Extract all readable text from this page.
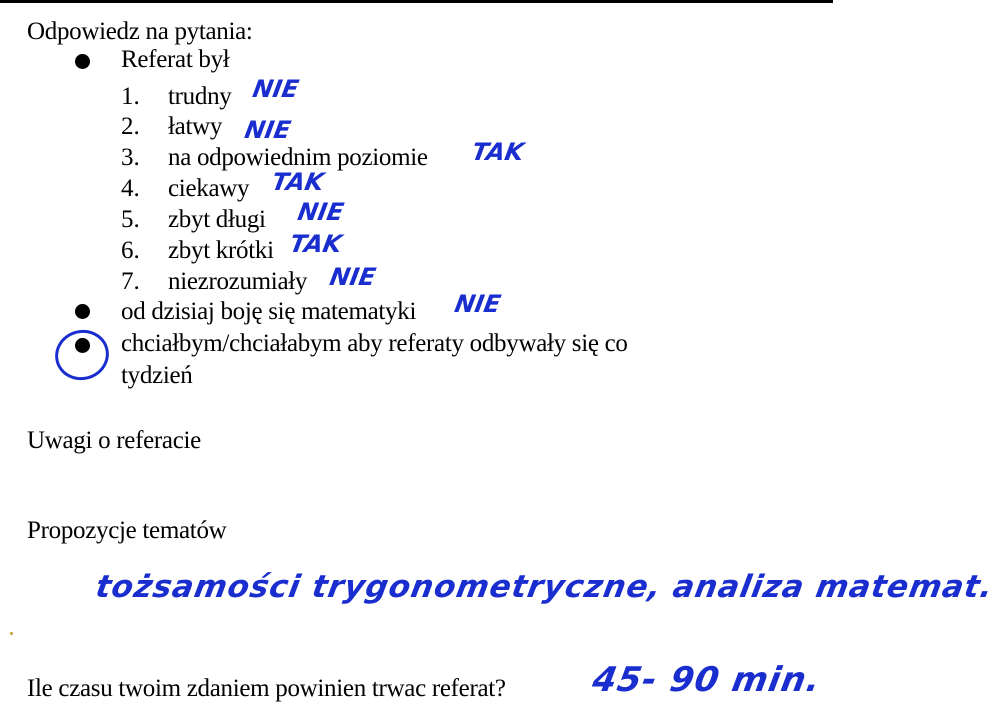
Odpowiedz na pytania:
Referat był
1. trudny NIE
2. łatwy NIE
3. na odpowiednim poziomie TAK
4. ciekawy TAK
5. zbyt długi NIE
6. zbyt krótki TAK
7. niezrozumiały NIE
od dzisiaj boję się matematyki NIE
chciałbym/chciałabym aby referaty odbywały się co
tydzień
Uwagi o referacie
Propozycje tematów
tożsamości trygonometryczne, analiza matemat.
Ile czasu twoim zdaniem powinien trwac referat? 45- 90 min.
